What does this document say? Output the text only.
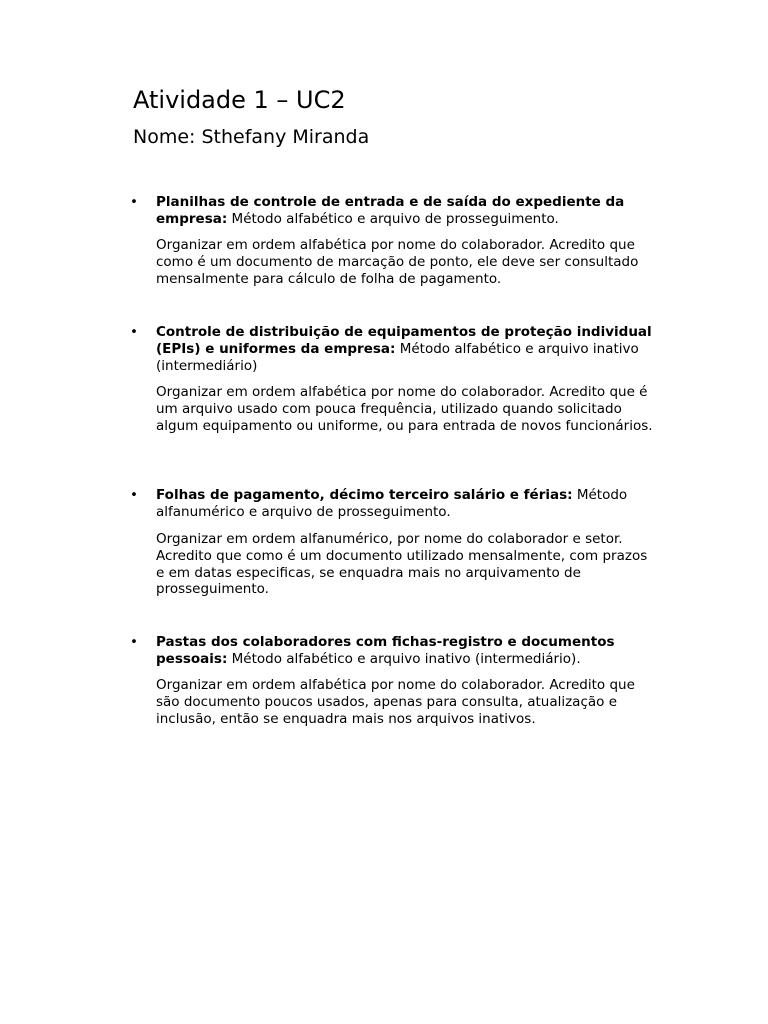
Atividade 1 – UC2
Nome: Sthefany Miranda
• Planilhas de controle de entrada e de saída do expediente da empresa: Método alfabético e arquivo de prosseguimento.

Organizar em ordem alfabética por nome do colaborador. Acredito que como é um documento de marcação de ponto, ele deve ser consultado mensalmente para cálculo de folha de pagamento.

• Controle de distribuição de equipamentos de proteção individual (EPIs) e uniformes da empresa: Método alfabético e arquivo inativo (intermediário)

Organizar em ordem alfabética por nome do colaborador. Acredito que é um arquivo usado com pouca frequência, utilizado quando solicitado algum equipamento ou uniforme, ou para entrada de novos funcionários.

• Folhas de pagamento, décimo terceiro salário e férias: Método alfanumérico e arquivo de prosseguimento.

Organizar em ordem alfanumérico, por nome do colaborador e setor. Acredito que como é um documento utilizado mensalmente, com prazos e em datas especificas, se enquadra mais no arquivamento de prosseguimento.

• Pastas dos colaboradores com fichas-registro e documentos pessoais: Método alfabético e arquivo inativo (intermediário).

Organizar em ordem alfabética por nome do colaborador. Acredito que são documento poucos usados, apenas para consulta, atualização e inclusão, então se enquadra mais nos arquivos inativos.
